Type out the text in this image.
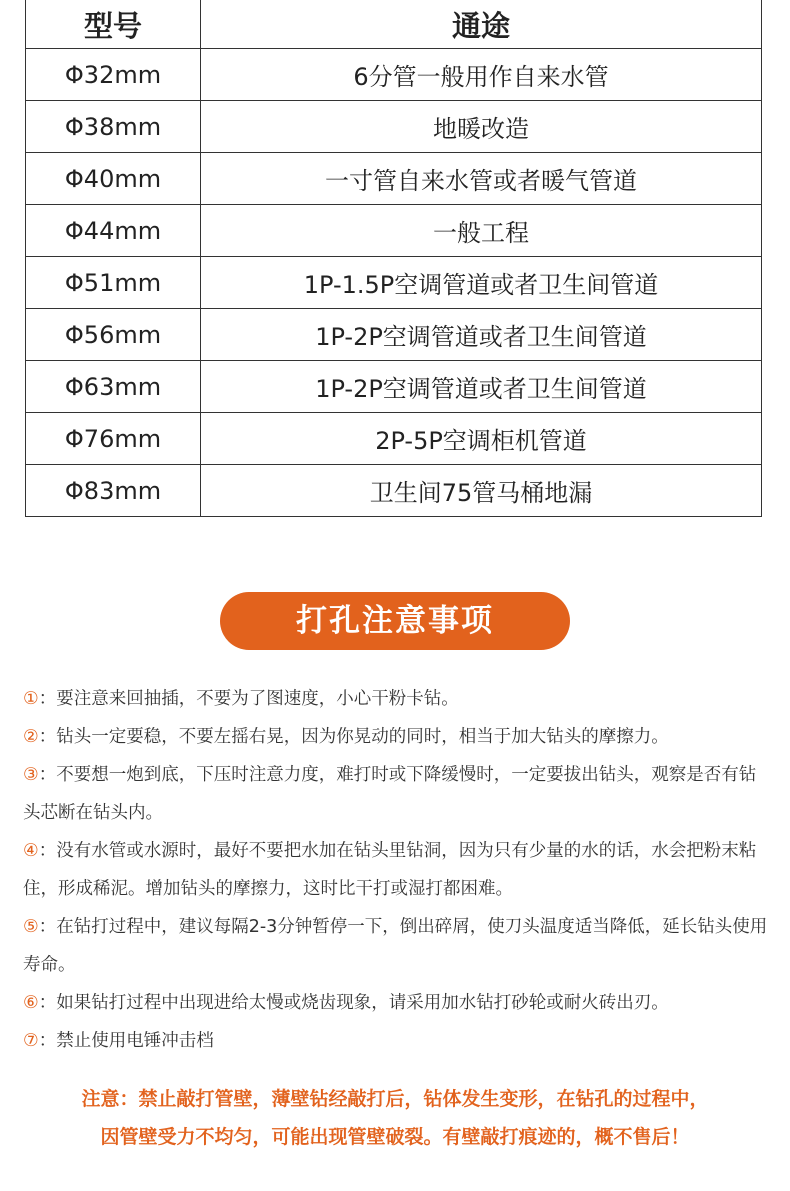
型号	通途
Φ32mm	6分管一般用作自来水管
Φ38mm	地暖改造
Φ40mm	一寸管自来水管或者暖气管道
Φ44mm	一般工程
Φ51mm	1P-1.5P空调管道或者卫生间管道
Φ56mm	1P-2P空调管道或者卫生间管道
Φ63mm	1P-2P空调管道或者卫生间管道
Φ76mm	2P-5P空调柜机管道
Φ83mm	卫生间75管马桶地漏
打孔注意事项

①：要注意来回抽插，不要为了图速度，小心干粉卡钻。

②：钻头一定要稳，不要左摇右晃，因为你晃动的同时，相当于加大钻头的摩擦力。

③：不要想一炮到底，下压时注意力度，难打时或下降缓慢时，一定要拔出钻头，观察是否有钻头芯断在钻头内。

④：没有水管或水源时，最好不要把水加在钻头里钻洞，因为只有少量的水的话，水会把粉末粘住，形成稀泥。增加钻头的摩擦力，这时比干打或湿打都困难。

⑤：在钻打过程中，建议每隔2-3分钟暂停一下，倒出碎屑，使刀头温度适当降低，延长钻头使用寿命。

⑥：如果钻打过程中出现进给太慢或烧齿现象，请采用加水钻打砂轮或耐火砖出刃。

⑦：禁止使用电锤冲击档

注意：禁止敲打管壁，薄壁钻经敲打后，钻体发生变形，在钻孔的过程中，

因管壁受力不均匀，可能出现管壁破裂。有壁敲打痕迹的，概不售后！
